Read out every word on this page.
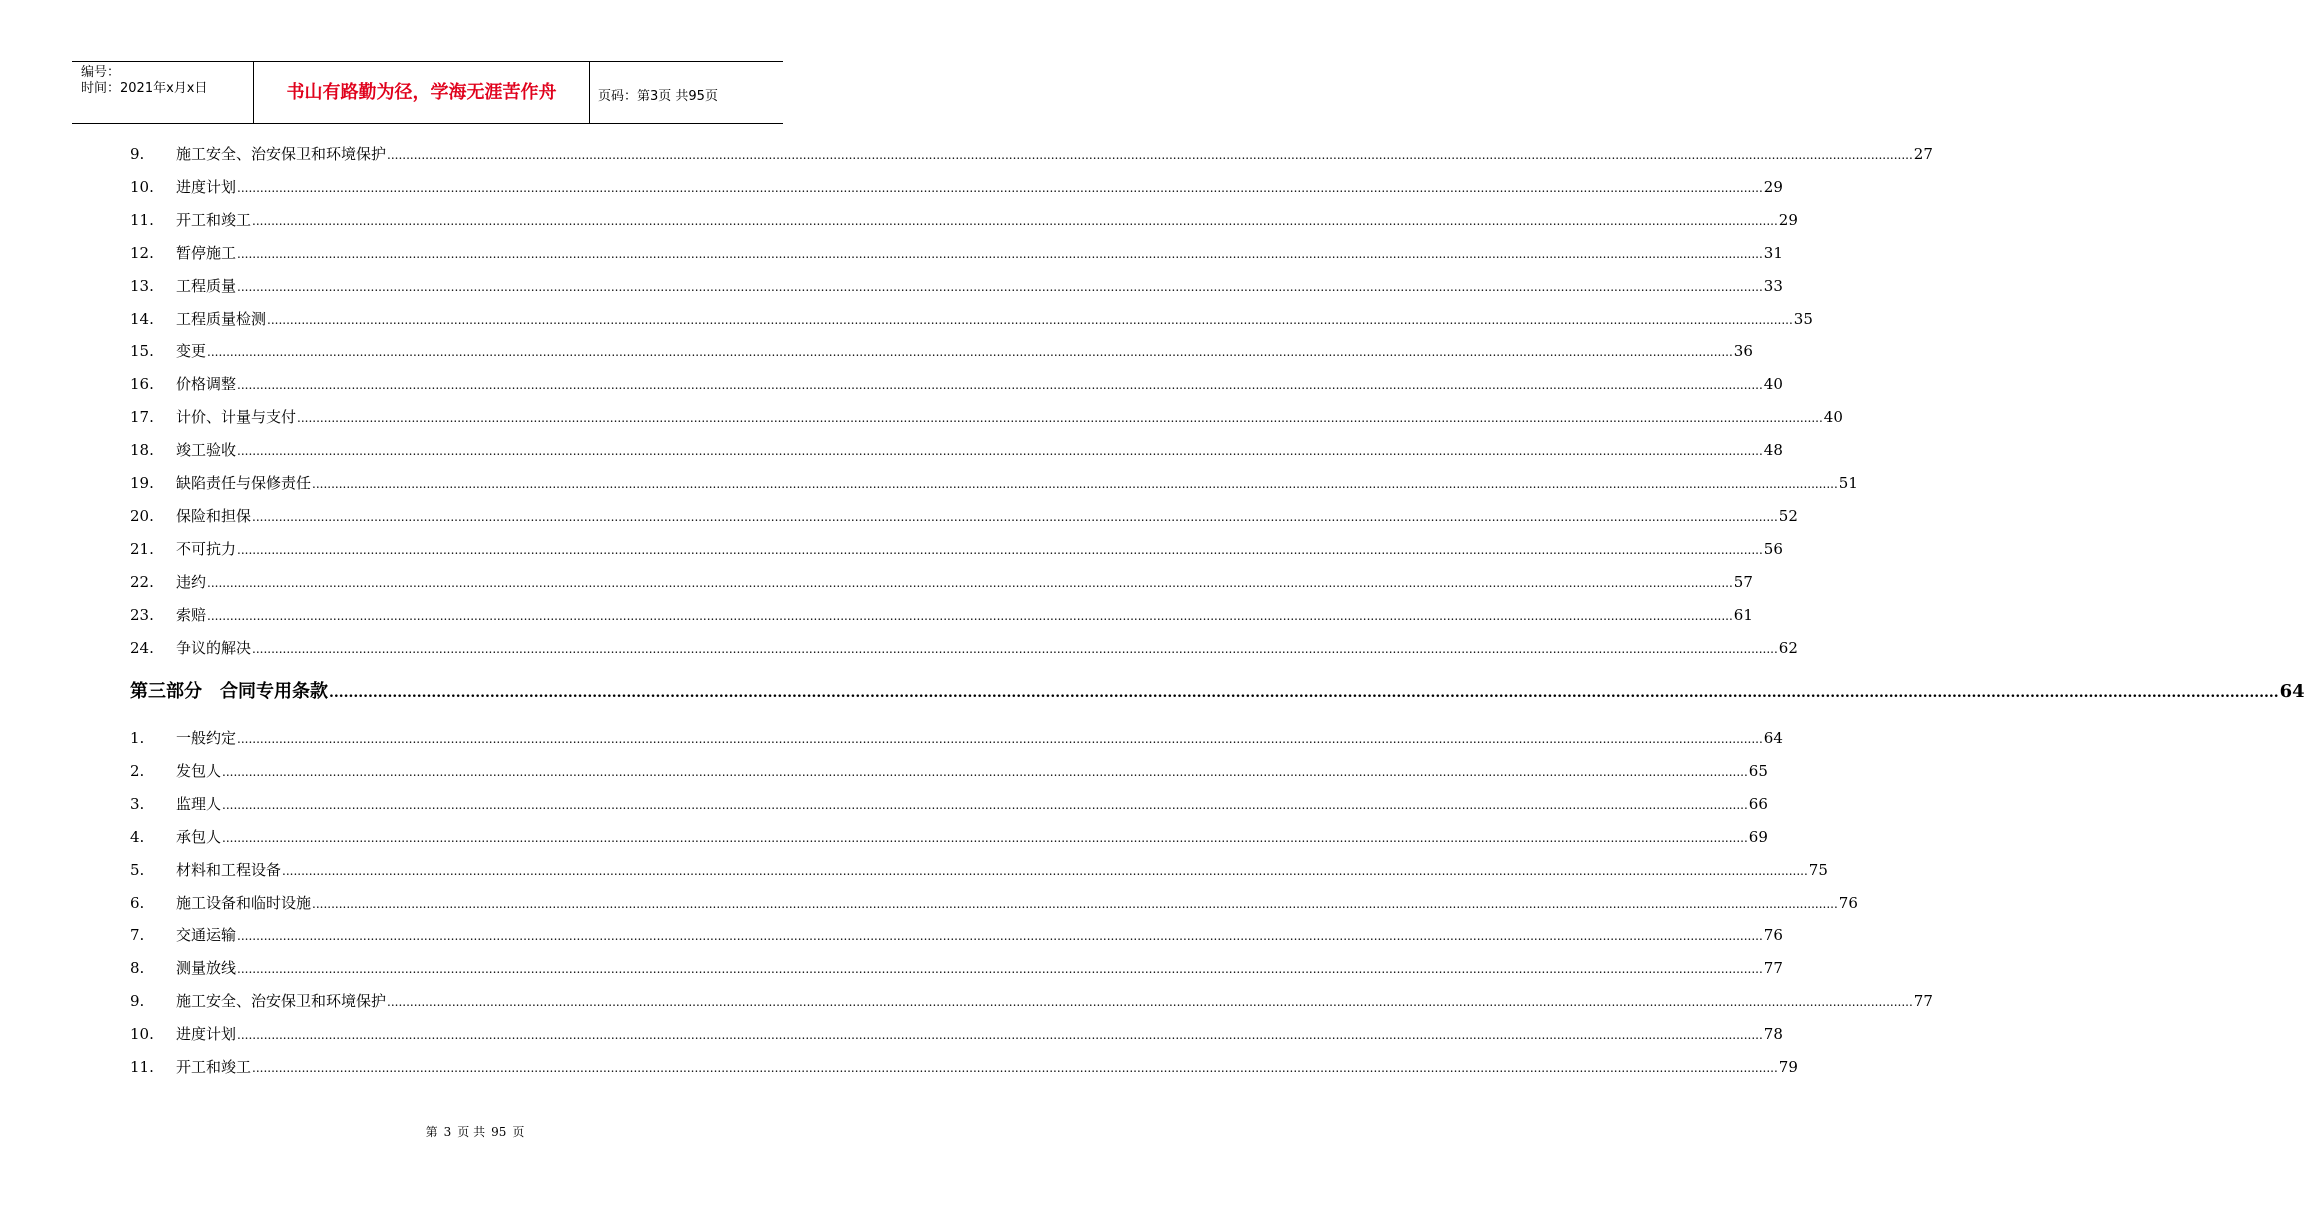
编号：
时间：2021年x月x日	书山有路勤为径，学海无涯苦作舟	页码：第3页 共95页
9.	施工安全、治安保卫和环境保护 ................................................................................................................................................................................................................................................................................................................................................................................................................ 27
10.	进度计划 ................................................................................................................................................................................................................................................................................................................................................................................................................ 29
11.	开工和竣工 ................................................................................................................................................................................................................................................................................................................................................................................................................ 29
12.	暂停施工 ................................................................................................................................................................................................................................................................................................................................................................................................................ 31
13.	工程质量 ................................................................................................................................................................................................................................................................................................................................................................................................................ 33
14.	工程质量检测 ................................................................................................................................................................................................................................................................................................................................................................................................................ 35
15.	变更 ................................................................................................................................................................................................................................................................................................................................................................................................................ 36
16.	价格调整 ................................................................................................................................................................................................................................................................................................................................................................................................................ 40
17.	计价、计量与支付 ................................................................................................................................................................................................................................................................................................................................................................................................................ 40
18.	竣工验收 ................................................................................................................................................................................................................................................................................................................................................................................................................ 48
19.	缺陷责任与保修责任 ................................................................................................................................................................................................................................................................................................................................................................................................................ 51
20.	保险和担保 ................................................................................................................................................................................................................................................................................................................................................................................................................ 52
21.	不可抗力 ................................................................................................................................................................................................................................................................................................................................................................................................................ 56
22.	违约 ................................................................................................................................................................................................................................................................................................................................................................................................................ 57
23.	索赔 ................................................................................................................................................................................................................................................................................................................................................................................................................ 61
24.	争议的解决 ................................................................................................................................................................................................................................................................................................................................................................................................................ 62
第三部分　合同专用条款 ................................................................................................................................................................................................................................................................................................................................................................................................................ 64
1.	一般约定 ................................................................................................................................................................................................................................................................................................................................................................................................................ 64
2.	发包人 ................................................................................................................................................................................................................................................................................................................................................................................................................ 65
3.	监理人 ................................................................................................................................................................................................................................................................................................................................................................................................................ 66
4.	承包人 ................................................................................................................................................................................................................................................................................................................................................................................................................ 69
5.	材料和工程设备 ................................................................................................................................................................................................................................................................................................................................................................................................................ 75
6.	施工设备和临时设施 ................................................................................................................................................................................................................................................................................................................................................................................................................ 76
7.	交通运输 ................................................................................................................................................................................................................................................................................................................................................................................................................ 76
8.	测量放线 ................................................................................................................................................................................................................................................................................................................................................................................................................ 77
9.	施工安全、治安保卫和环境保护 ................................................................................................................................................................................................................................................................................................................................................................................................................ 77
10.	进度计划 ................................................................................................................................................................................................................................................................................................................................................................................................................ 78
11.	开工和竣工 ................................................................................................................................................................................................................................................................................................................................................................................................................ 79
第 3 页 共 95 页
